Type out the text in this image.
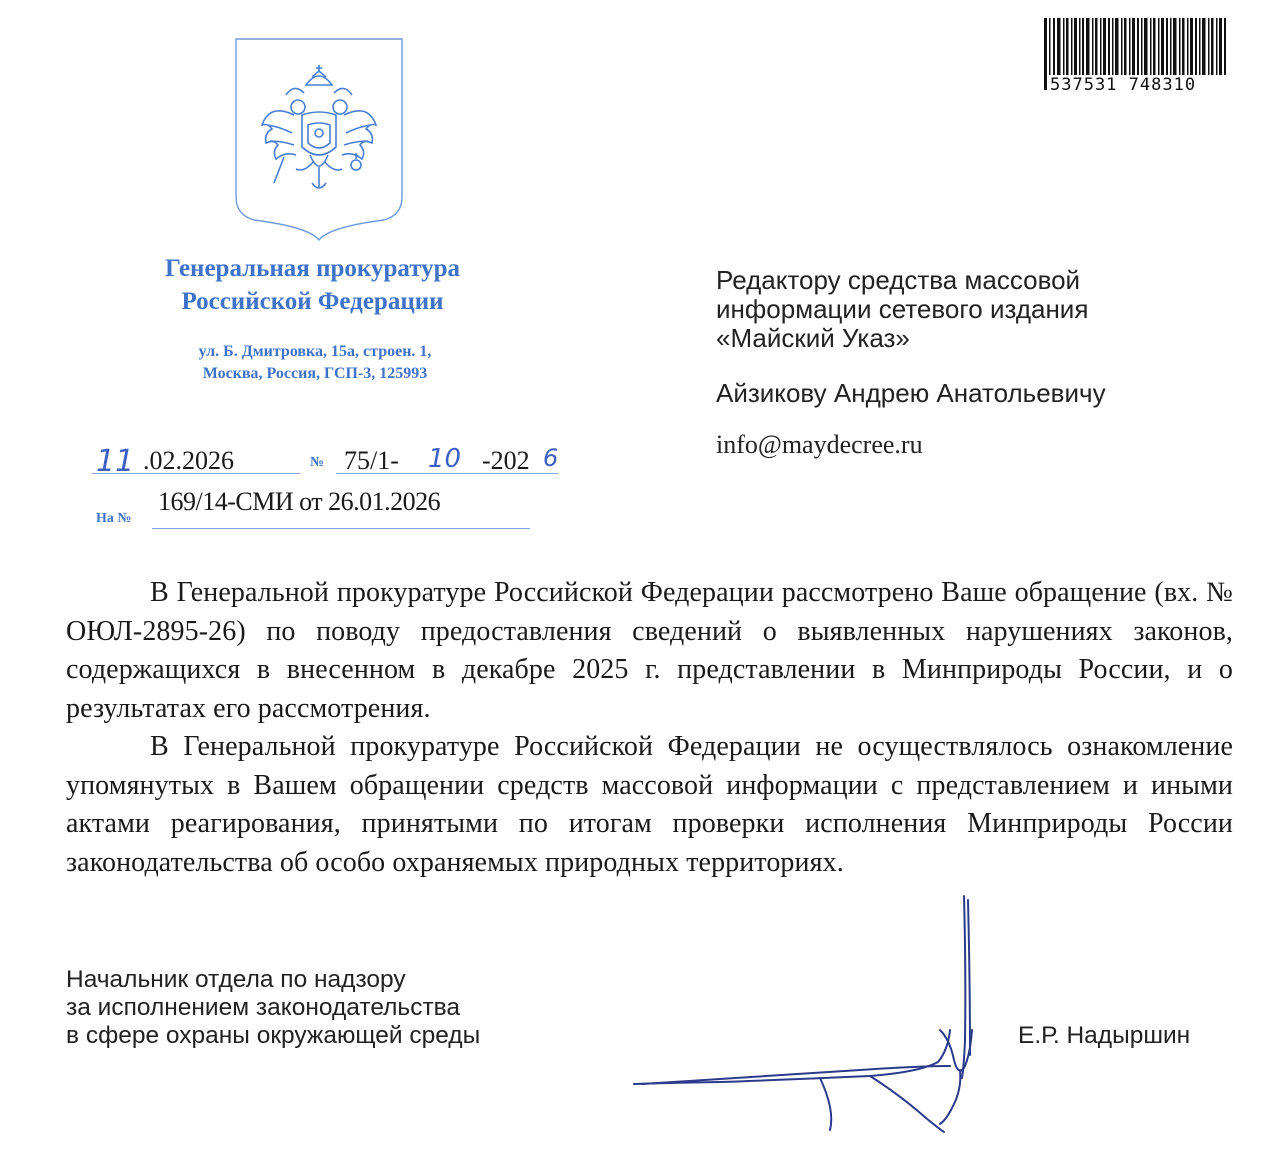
537531 748310
Генеральная прокуратура
Российской Федерации
ул. Б. Дмитровка, 15а, строен. 1,
Москва, Россия, ГСП-3, 125993
11 .02.2026	№ 75/1- 10 -202 6
На №
169/14-СМИ от 26.01.2026
Редактору средства массовой
информации сетевого издания
«Майский Указ»
Айзикову Андрею Анатольевичу
info@maydecree.ru

В Генеральной прокуратуре Российской Федерации рассмотрено Ваше обращение (вх. № ОЮЛ-2895-26) по поводу предоставления сведений о выявленных нарушениях законов, содержащихся в внесенном в декабре 2025 г. представлении в Минприроды России, и о результатах его рассмотрения.

В Генеральной прокуратуре Российской Федерации не осуществлялось ознакомление упомянутых в Вашем обращении средств массовой информации с представлением и иными актами реагирования, принятыми по итогам проверки исполнения Минприроды России законодательства об особо охраняемых природных территориях.

Начальник отдела по надзору
за исполнением законодательства
в сфере охраны окружающей среды	Е.Р. Надыршин
